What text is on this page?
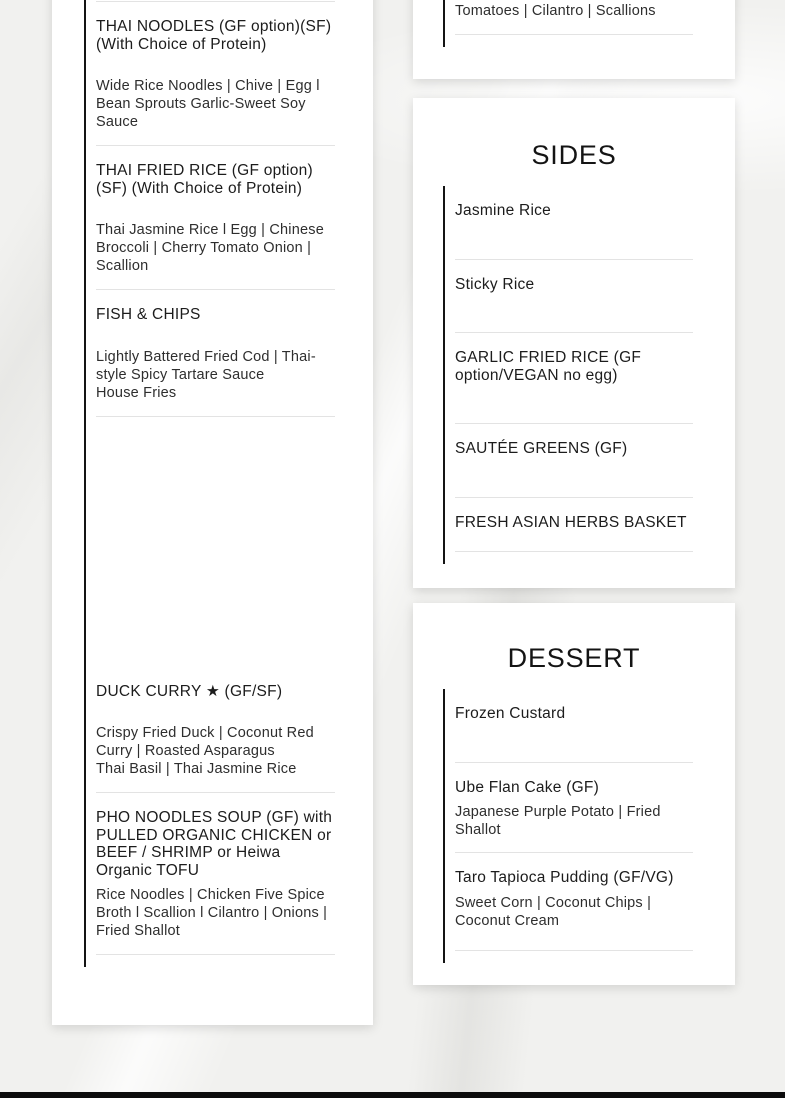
THAI NOODLES (GF option)(SF) (With Choice of Protein)
Wide Rice Noodles | Chive | Egg l Bean Sprouts Garlic-Sweet Soy Sauce
THAI FRIED RICE (GF option)(SF) (With Choice of Protein)
Thai Jasmine Rice l Egg | Chinese Broccoli | Cherry Tomato Onion | Scallion
FISH & CHIPS
Lightly Battered Fried Cod | Thai-style Spicy Tartare Sauce
House Fries
DUCK CURRY ★ (GF/SF)
Crispy Fried Duck | Coconut Red Curry | Roasted Asparagus
Thai Basil | Thai Jasmine Rice
PHO NOODLES SOUP (GF) with PULLED ORGANIC CHICKEN or BEEF / SHRIMP or Heiwa Organic TOFU
Rice Noodles | Chicken Five Spice Broth l Scallion l Cilantro | Onions | Fried Shallot
Tomatoes | Cilantro | Scallions
SIDES
Jasmine Rice
Sticky Rice
GARLIC FRIED RICE (GF option/VEGAN no egg)
SAUTÉE GREENS (GF)
FRESH ASIAN HERBS BASKET
DESSERT
Frozen Custard
Ube Flan Cake (GF)
Japanese Purple Potato | Fried Shallot
Taro Tapioca Pudding (GF/VG)
Sweet Corn | Coconut Chips | Coconut Cream
